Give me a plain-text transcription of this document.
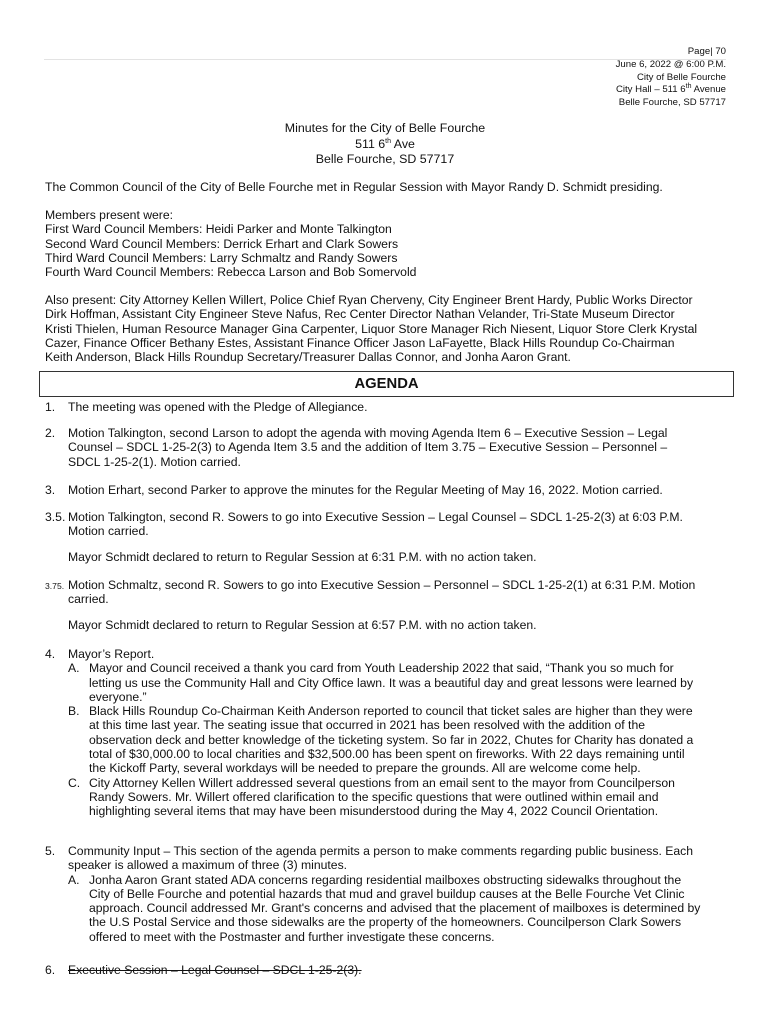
Page| 70
June 6, 2022 @ 6:00 P.M.
City of Belle Fourche
City Hall – 511 6th Avenue
Belle Fourche, SD 57717
Minutes for the City of Belle Fourche
511 6th Ave
Belle Fourche, SD 57717
The Common Council of the City of Belle Fourche met in Regular Session with Mayor Randy D. Schmidt presiding.
Members present were:
First Ward Council Members: Heidi Parker and Monte Talkington
Second Ward Council Members: Derrick Erhart and Clark Sowers
Third Ward Council Members: Larry Schmaltz and Randy Sowers
Fourth Ward Council Members: Rebecca Larson and Bob Somervold
Also present: City Attorney Kellen Willert, Police Chief Ryan Cherveny, City Engineer Brent Hardy, Public Works Director
Dirk Hoffman, Assistant City Engineer Steve Nafus, Rec Center Director Nathan Velander, Tri-State Museum Director
Kristi Thielen, Human Resource Manager Gina Carpenter, Liquor Store Manager Rich Niesent, Liquor Store Clerk Krystal
Cazer, Finance Officer Bethany Estes, Assistant Finance Officer Jason LaFayette, Black Hills Roundup Co-Chairman
Keith Anderson, Black Hills Roundup Secretary/Treasurer Dallas Connor, and Jonha Aaron Grant.
AGENDA
1. The meeting was opened with the Pledge of Allegiance.
2. Motion Talkington, second Larson to adopt the agenda with moving Agenda Item 6 – Executive Session – Legal
Counsel – SDCL 1-25-2(3) to Agenda Item 3.5 and the addition of Item 3.75 – Executive Session – Personnel –
SDCL 1-25-2(1). Motion carried.
3. Motion Erhart, second Parker to approve the minutes for the Regular Meeting of May 16, 2022. Motion carried.
3.5. Motion Talkington, second R. Sowers to go into Executive Session – Legal Counsel – SDCL 1-25-2(3) at 6:03 P.M.
Motion carried.
Mayor Schmidt declared to return to Regular Session at 6:31 P.M. with no action taken.
3.75. Motion Schmaltz, second R. Sowers to go into Executive Session – Personnel – SDCL 1-25-2(1) at 6:31 P.M. Motion
carried.
Mayor Schmidt declared to return to Regular Session at 6:57 P.M. with no action taken.
4. Mayor’s Report.
A. Mayor and Council received a thank you card from Youth Leadership 2022 that said, “Thank you so much for
letting us use the Community Hall and City Office lawn. It was a beautiful day and great lessons were learned by
everyone.”
B. Black Hills Roundup Co-Chairman Keith Anderson reported to council that ticket sales are higher than they were
at this time last year. The seating issue that occurred in 2021 has been resolved with the addition of the
observation deck and better knowledge of the ticketing system. So far in 2022, Chutes for Charity has donated a
total of $30,000.00 to local charities and $32,500.00 has been spent on fireworks. With 22 days remaining until
the Kickoff Party, several workdays will be needed to prepare the grounds. All are welcome come help.
C. City Attorney Kellen Willert addressed several questions from an email sent to the mayor from Councilperson
Randy Sowers. Mr. Willert offered clarification to the specific questions that were outlined within email and
highlighting several items that may have been misunderstood during the May 4, 2022 Council Orientation.
5. Community Input – This section of the agenda permits a person to make comments regarding public business. Each
speaker is allowed a maximum of three (3) minutes.
A. Jonha Aaron Grant stated ADA concerns regarding residential mailboxes obstructing sidewalks throughout the
City of Belle Fourche and potential hazards that mud and gravel buildup causes at the Belle Fourche Vet Clinic
approach. Council addressed Mr. Grant's concerns and advised that the placement of mailboxes is determined by
the U.S Postal Service and those sidewalks are the property of the homeowners. Councilperson Clark Sowers
offered to meet with the Postmaster and further investigate these concerns.
6. Executive Session – Legal Counsel – SDCL 1-25-2(3).
